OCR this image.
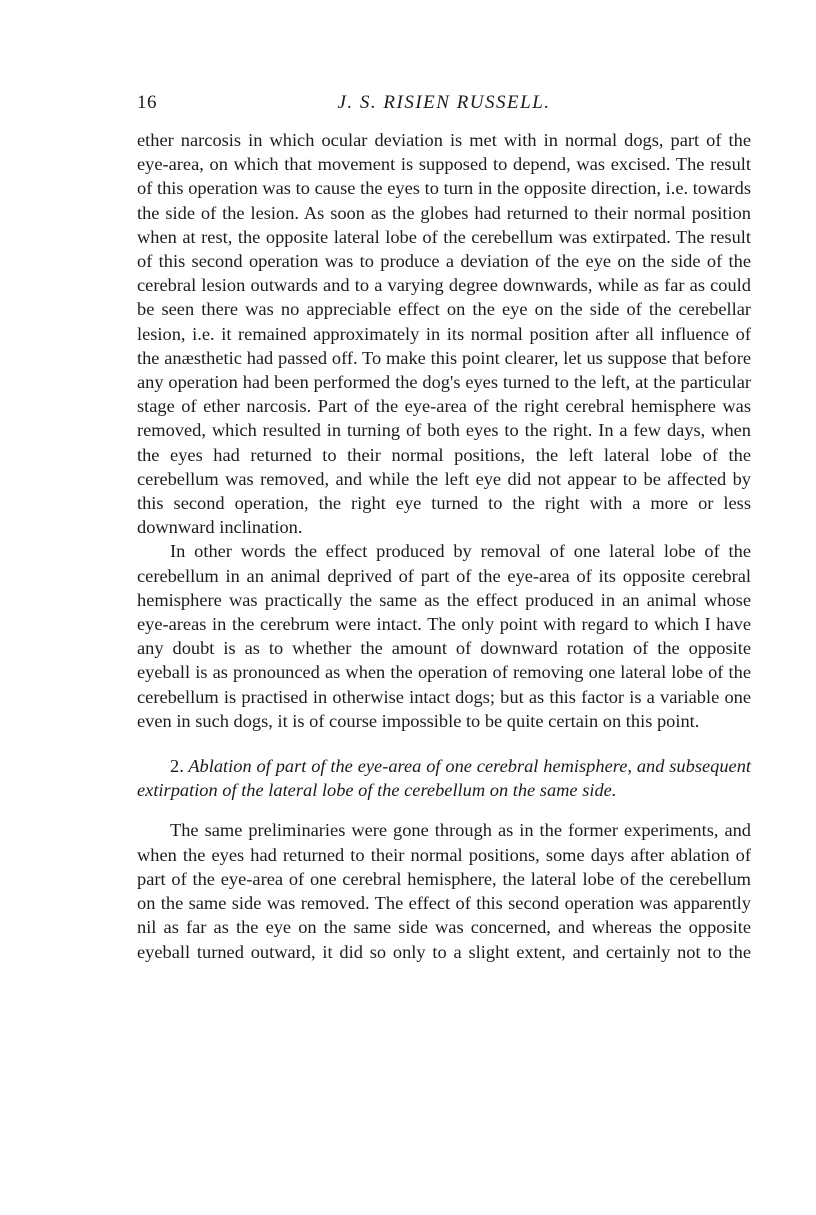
16	J. S. RISIEN RUSSELL.

ether narcosis in which ocular deviation is met with in normal dogs, part of the eye-area, on which that movement is supposed to depend, was excised. The result of this operation was to cause the eyes to turn in the opposite direction, i.e. towards the side of the lesion. As soon as the globes had returned to their normal position when at rest, the opposite lateral lobe of the cerebellum was extirpated. The result of this second operation was to produce a deviation of the eye on the side of the cerebral lesion outwards and to a varying degree downwards, while as far as could be seen there was no appreciable effect on the eye on the side of the cerebellar lesion, i.e. it remained approximately in its normal position after all influence of the anæsthetic had passed off. To make this point clearer, let us suppose that before any operation had been performed the dog's eyes turned to the left, at the particular stage of ether narcosis. Part of the eye-area of the right cerebral hemisphere was removed, which resulted in turning of both eyes to the right. In a few days, when the eyes had returned to their normal positions, the left lateral lobe of the cerebellum was removed, and while the left eye did not appear to be affected by this second operation, the right eye turned to the right with a more or less downward inclination.

In other words the effect produced by removal of one lateral lobe of the cerebellum in an animal deprived of part of the eye-area of its opposite cerebral hemisphere was practically the same as the effect produced in an animal whose eye-areas in the cerebrum were intact. The only point with regard to which I have any doubt is as to whether the amount of downward rotation of the opposite eyeball is as pronounced as when the operation of removing one lateral lobe of the cerebellum is practised in otherwise intact dogs; but as this factor is a variable one even in such dogs, it is of course impossible to be quite certain on this point.

2. Ablation of part of the eye-area of one cerebral hemisphere, and subsequent extirpation of the lateral lobe of the cerebellum on the same side.

The same preliminaries were gone through as in the former experiments, and when the eyes had returned to their normal positions, some days after ablation of part of the eye-area of one cerebral hemisphere, the lateral lobe of the cerebellum on the same side was removed. The effect of this second operation was apparently nil as far as the eye on the same side was concerned, and whereas the opposite eyeball turned outward, it did so only to a slight extent, and certainly not to the
